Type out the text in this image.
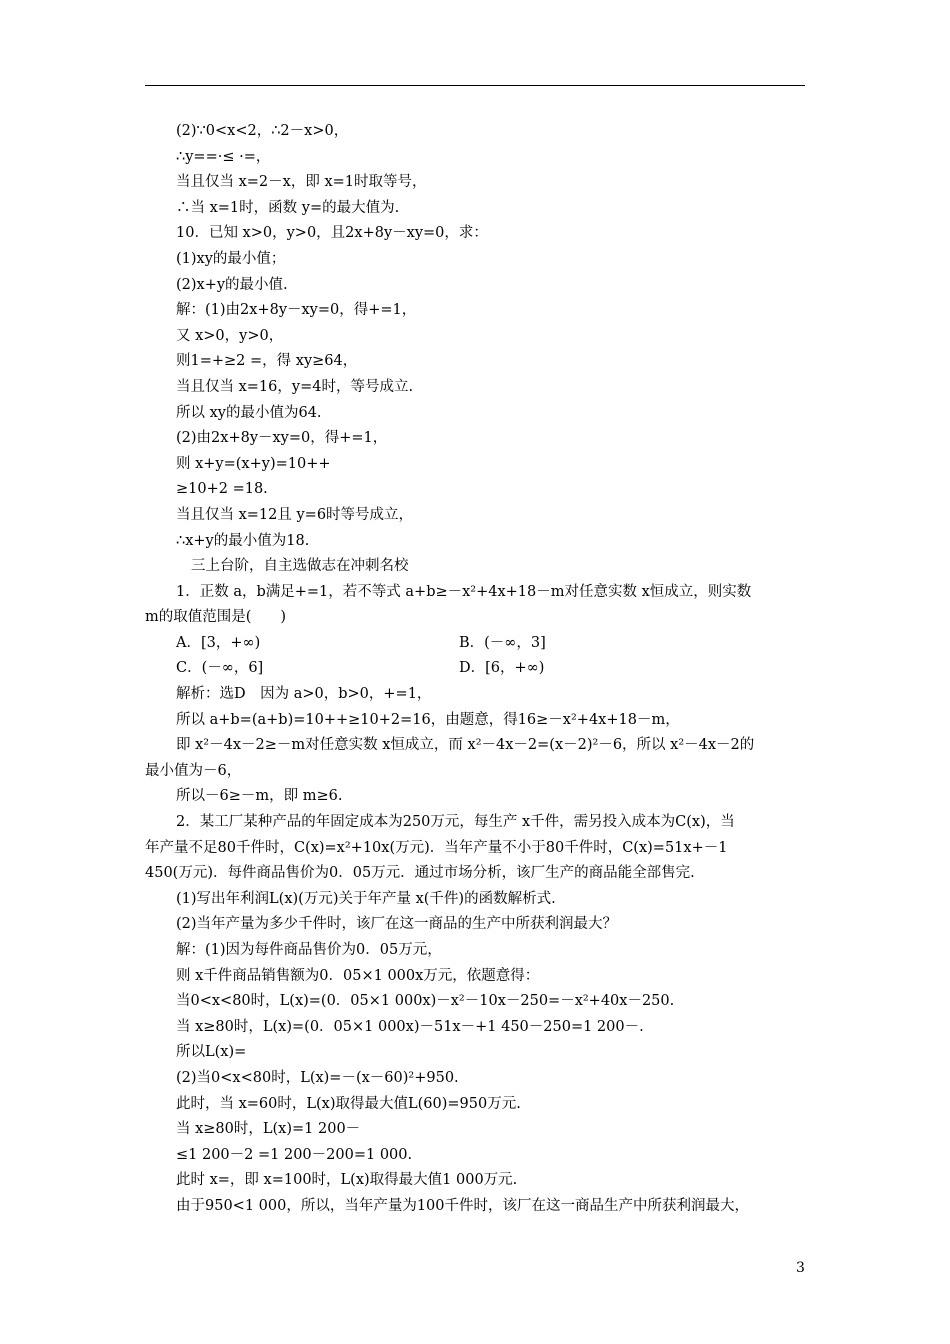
(2)∵0<x<2，∴2－x>0，
∴y==·≤ ·=，
当且仅当 x=2－x，即 x=1时取等号，
∴当 x=1时，函数 y=的最大值为.
10．已知 x>0，y>0，且2x+8y－xy=0，求：
(1)xy的最小值；
(2)x+y的最小值.
解：(1)由2x+8y－xy=0，得+=1，
又 x>0，y>0，
则1=+≥2 =，得 xy≥64，
当且仅当 x=16，y=4时，等号成立.
所以 xy的最小值为64.
(2)由2x+8y－xy=0，得+=1，
则 x+y=(x+y)=10++
≥10+2 =18.
当且仅当 x=12且 y=6时等号成立，
∴x+y的最小值为18.
三上台阶，自主选做志在冲刺名校
1．正数 a，b满足+=1，若不等式 a+b≥－x²+4x+18－m对任意实数 x恒成立，则实数
m的取值范围是(　　)
A．[3，+∞)	B．(－∞，3]
C．(－∞，6]	D．[6，+∞)
解析：选D　因为 a>0，b>0，+=1，
所以 a+b=(a+b)=10++≥10+2=16，由题意，得16≥－x²+4x+18－m，
即 x²－4x－2≥－m对任意实数 x恒成立，而 x²－4x－2=(x－2)²－6，所以 x²－4x－2的
最小值为－6，
所以－6≥－m，即 m≥6.
2．某工厂某种产品的年固定成本为250万元，每生产 x千件，需另投入成本为C(x)，当
年产量不足80千件时，C(x)=x²+10x(万元)．当年产量不小于80千件时，C(x)=51x+－1
450(万元)．每件商品售价为0．05万元．通过市场分析，该厂生产的商品能全部售完.
(1)写出年利润L(x)(万元)关于年产量 x(千件)的函数解析式.
(2)当年产量为多少千件时，该厂在这一商品的生产中所获利润最大？
解：(1)因为每件商品售价为0．05万元，
则 x千件商品销售额为0．05×1 000x万元，依题意得：
当0<x<80时，L(x)=(0．05×1 000x)－x²－10x－250=－x²+40x－250.
当 x≥80时，L(x)=(0．05×1 000x)－51x－+1 450－250=1 200－.
所以L(x)=
(2)当0<x<80时，L(x)=－(x－60)²+950.
此时，当 x=60时，L(x)取得最大值L(60)=950万元.
当 x≥80时，L(x)=1 200－
≤1 200－2 =1 200－200=1 000.
此时 x=，即 x=100时，L(x)取得最大值1 000万元.
由于950<1 000，所以，当年产量为100千件时，该厂在这一商品生产中所获利润最大，
3
